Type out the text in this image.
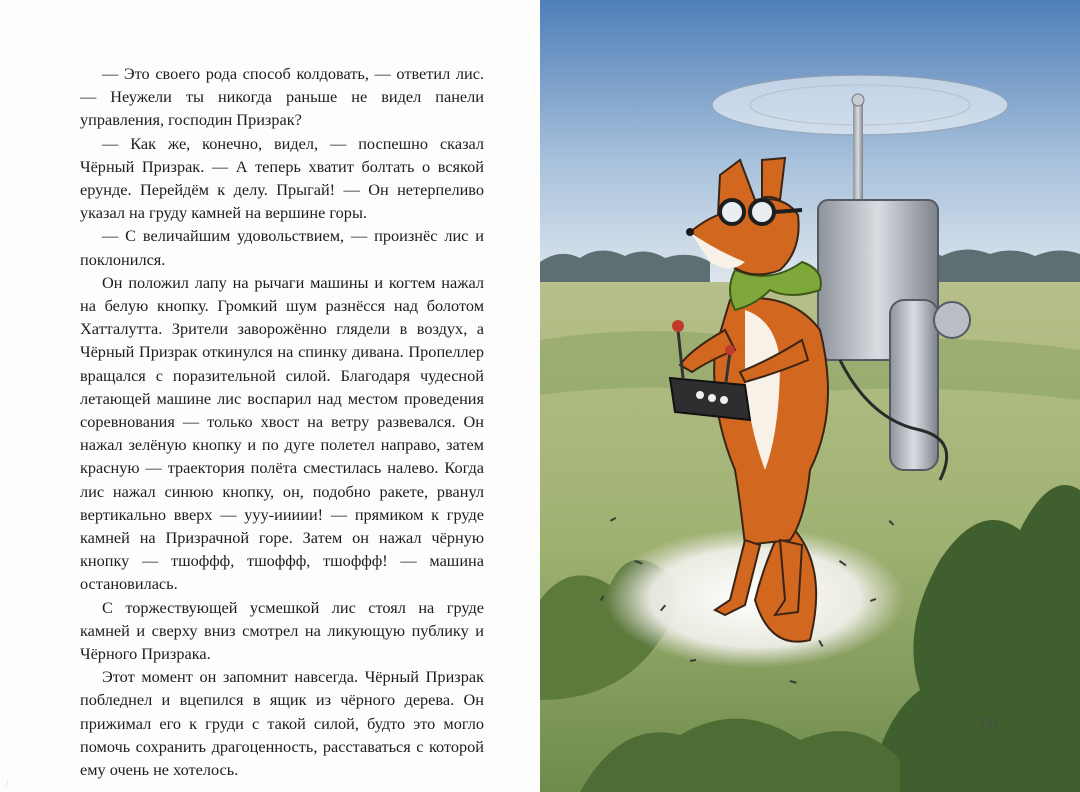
— Это своего рода способ колдовать, — ответил лис. — Неужели ты никогда раньше не видел панели управления, господин Призрак?

— Как же, конечно, видел, — поспешно сказал Чёрный Призрак. — А теперь хватит болтать о всякой ерунде. Перейдём к делу. Прыгай! — Он нетерпеливо указал на груду камней на вершине горы.

— С величайшим удовольствием, — произнёс лис и поклонился.

Он положил лапу на рычаги машины и когтем нажал на белую кнопку. Громкий шум разнёсся над болотом Хатталутта. Зрители заворожённо глядели в воздух, а Чёрный Призрак откинулся на спинку дивана. Пропеллер вращался с поразительной силой. Благодаря чудесной летающей машине лис воспарил над местом проведения соревнования — только хвост на ветру развевался. Он нажал зелёную кнопку и по дуге полетел направо, затем красную — траектория полёта сместилась налево. Когда лис нажал синюю кнопку, он, подобно ракете, рванул вертикально вверх — ууу-иииии! — прямиком к груде камней на Призрачной горе. Затем он нажал чёрную кнопку — тшоффф, тшоффф, тшоффф! — машина остановилась.

С торжествующей усмешкой лис стоял на груде камней и сверху вниз смотрел на ликующую публику и Чёрного Призрака.

Этот момент он запомнит навсегда. Чёрный Призрак побледнел и вцепился в ящик из чёрного дерева. Он прижимал его к груди с такой силой, будто это могло помочь сохранить драгоценность, расставаться с которой ему очень не хотелось.

/
151
